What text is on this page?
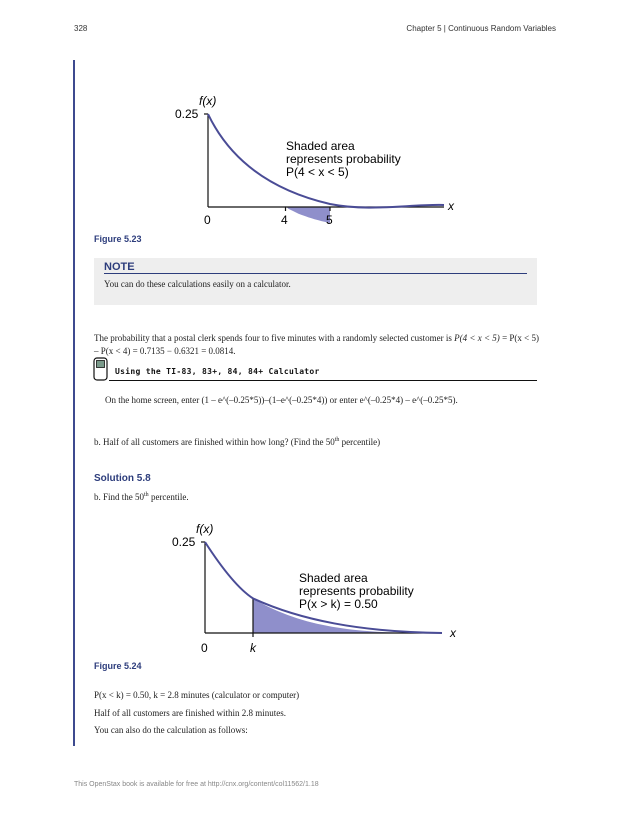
328	Chapter 5 | Continuous Random Variables
f(x)
0.25
x
0	4	5
Shaded area
represents probability
P(4 < x < 5)
Figure 5.23
NOTE
You can do these calculations easily on a calculator.
The probability that a postal clerk spends four to five minutes with a randomly selected customer is P(4 < x < 5) = P(x < 5) – P(x < 4) = 0.7135 − 0.6321 = 0.0814.
Using the TI-83, 83+, 84, 84+ Calculator
On the home screen, enter (1 – e^(–0.25*5))–(1–e^(–0.25*4)) or enter e^(–0.25*4) – e^(–0.25*5).
b. Half of all customers are finished within how long? (Find the 50th percentile)
Solution 5.8
b. Find the 50th percentile.
f(x)
0.25
x
0	k
Shaded area
represents probability
P(x > k) = 0.50
Figure 5.24
P(x < k) = 0.50, k = 2.8 minutes (calculator or computer)
Half of all customers are finished within 2.8 minutes.
You can also do the calculation as follows:
This OpenStax book is available for free at http://cnx.org/content/col11562/1.18
